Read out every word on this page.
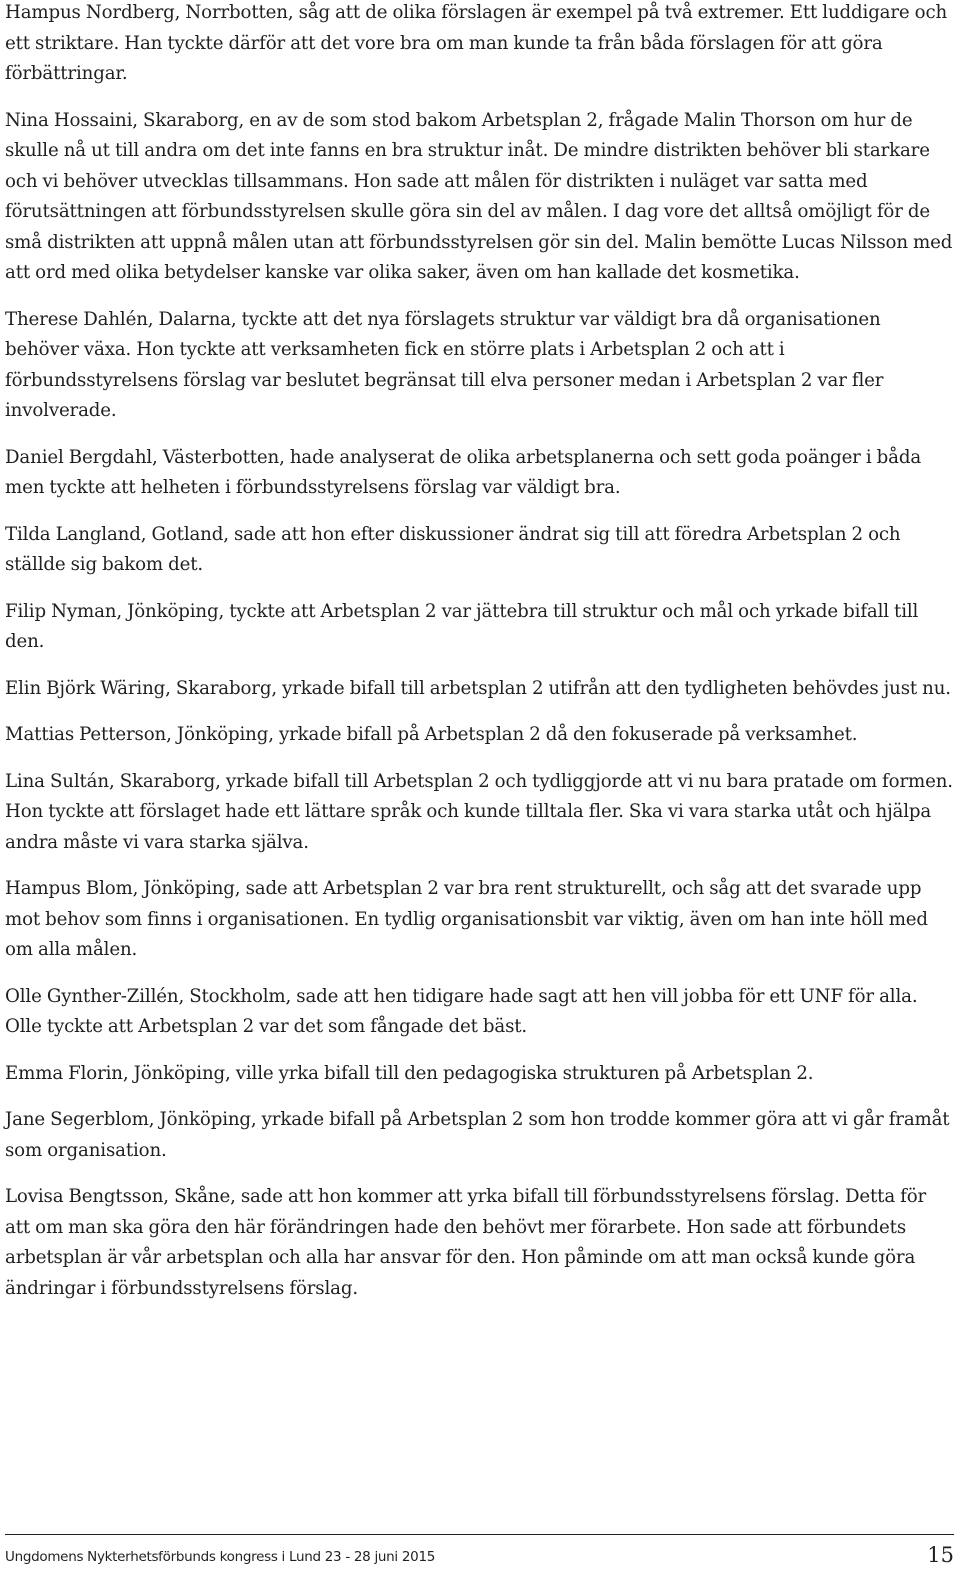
Hampus Nordberg, Norrbotten, såg att de olika förslagen är exempel på två extremer. Ett luddigare och ett striktare. Han tyckte därför att det vore bra om man kunde ta från båda förslagen för att göra förbättringar.

Nina Hossaini, Skaraborg, en av de som stod bakom Arbetsplan 2, frågade Malin Thorson om hur de skulle nå ut till andra om det inte fanns en bra struktur inåt. De mindre distrikten behöver bli starkare och vi behöver utvecklas tillsammans. Hon sade att målen för distrikten i nuläget var satta med förutsättningen att förbundsstyrelsen skulle göra sin del av målen. I dag vore det alltså omöjligt för de små distrikten att uppnå målen utan att förbundsstyrelsen gör sin del. Malin bemötte Lucas Nilsson med att ord med olika betydelser kanske var olika saker, även om han kallade det kosmetika.

Therese Dahlén, Dalarna, tyckte att det nya förslagets struktur var väldigt bra då organisationen behöver växa. Hon tyckte att verksamheten fick en större plats i Arbetsplan 2 och att i förbundsstyrelsens förslag var beslutet begränsat till elva personer medan i Arbetsplan 2 var fler involverade.

Daniel Bergdahl, Västerbotten, hade analyserat de olika arbetsplanerna och sett goda poänger i båda men tyckte att helheten i förbundsstyrelsens förslag var väldigt bra.

Tilda Langland, Gotland, sade att hon efter diskussioner ändrat sig till att föredra Arbetsplan 2 och ställde sig bakom det.

Filip Nyman, Jönköping, tyckte att Arbetsplan 2 var jättebra till struktur och mål och yrkade bifall till den.

Elin Björk Wäring, Skaraborg, yrkade bifall till arbetsplan 2 utifrån att den tydligheten behövdes just nu.

Mattias Petterson, Jönköping, yrkade bifall på Arbetsplan 2 då den fokuserade på verksamhet.

Lina Sultán, Skaraborg, yrkade bifall till Arbetsplan 2 och tydliggjorde att vi nu bara pratade om formen. Hon tyckte att förslaget hade ett lättare språk och kunde tilltala fler. Ska vi vara starka utåt och hjälpa andra måste vi vara starka själva.

Hampus Blom, Jönköping, sade att Arbetsplan 2 var bra rent strukturellt, och såg att det svarade upp mot behov som finns i organisationen. En tydlig organisationsbit var viktig, även om han inte höll med om alla målen.

Olle Gynther-Zillén, Stockholm, sade att hen tidigare hade sagt att hen vill jobba för ett UNF för alla. Olle tyckte att Arbetsplan 2 var det som fångade det bäst.

Emma Florin, Jönköping, ville yrka bifall till den pedagogiska strukturen på Arbetsplan 2.

Jane Segerblom, Jönköping, yrkade bifall på Arbetsplan 2 som hon trodde kommer göra att vi går framåt som organisation.

Lovisa Bengtsson, Skåne, sade att hon kommer att yrka bifall till förbundsstyrelsens förslag. Detta för att om man ska göra den här förändringen hade den behövt mer förarbete. Hon sade att förbundets arbetsplan är vår arbetsplan och alla har ansvar för den. Hon påminde om att man också kunde göra ändringar i förbundsstyrelsens förslag.

Ungdomens Nykterhetsförbunds kongress i Lund 23 - 28 juni 2015	15
